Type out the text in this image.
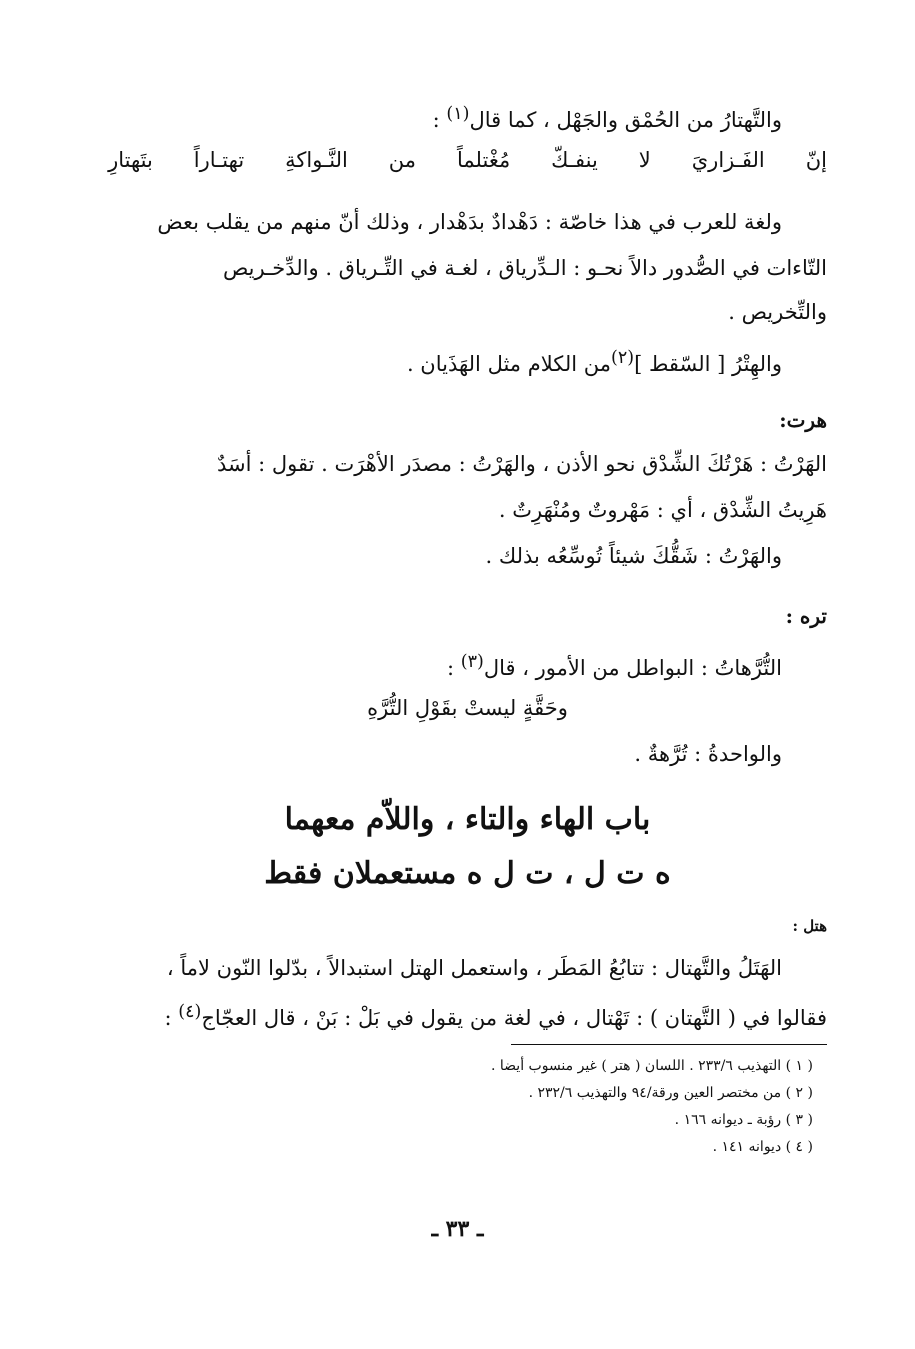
والتَّهتارُ من الحُمْق والجَهْل ، كما قال$^{(١)}$ :

إنّ
الفَـزاريَ
لا
ينفـكّ
مُغْتلماً
من
النَّـواكةِ
تهتـاراً
بتَهتارِ

ولغة للعرب في هذا خاصّة : دَهْدادٌ بدَهْدار ، وذلك أنّ منهم من يقلب بعض

التّاءات في الصُّدور دالاً نحـو : الـدِّرياق ، لغـة في التِّـرياق . والدِّخـريص

والتِّخريص .

والهِتْرُ [ السّقط ]$^{(٢)}$من الكلام مثل الهَذَيان .

هرت:

الهَرْتُ : هَرْتُكَ الشِّدْق نحو الأذن ، والهَرْتُ : مصدَر الأهْرَت . تقول : أسَدٌ

هَرِيتُ الشِّدْق ، أي : مَهْروتٌ ومُنْهَرِتٌ .

والهَرْتُ : شَقُّكَ شيئاً تُوسِّعُه بذلك .

تره :

التُّرَّهاتُ : البواطل من الأمور ، قال$^{(٣)}$ :

وحَقَّةٍ ليستْ بقَوْلِ التُّرَّهِ

والواحدةُ : تُرَّهةٌ .

باب الهاء والتاء ، واللاّم معهما

ه ت ل ، ت ل ه مستعملان فقط

هتل :

الهَتَلُ والتَّهتال : تتابُعُ المَطَر ، واستعمل الهتل استبدالاً ، بدّلوا النّون لاماً ،

فقالوا في ( التَّهتان ) : تَهْتال ، في لغة من يقول في بَلْ : بَنْ ، قال العجّاج$^{(٤)}$ :

( ١ ) التهذيب ٢٣٣/٦ . اللسان ( هتر ) غير منسوب أيضا .

( ٢ ) من مختصر العين ورقة/٩٤ والتهذيب ٢٣٢/٦ .

( ٣ ) رؤبة ـ ديوانه ١٦٦ .

( ٤ ) ديوانه ١٤١ .

ـ ٣٣ ـ
